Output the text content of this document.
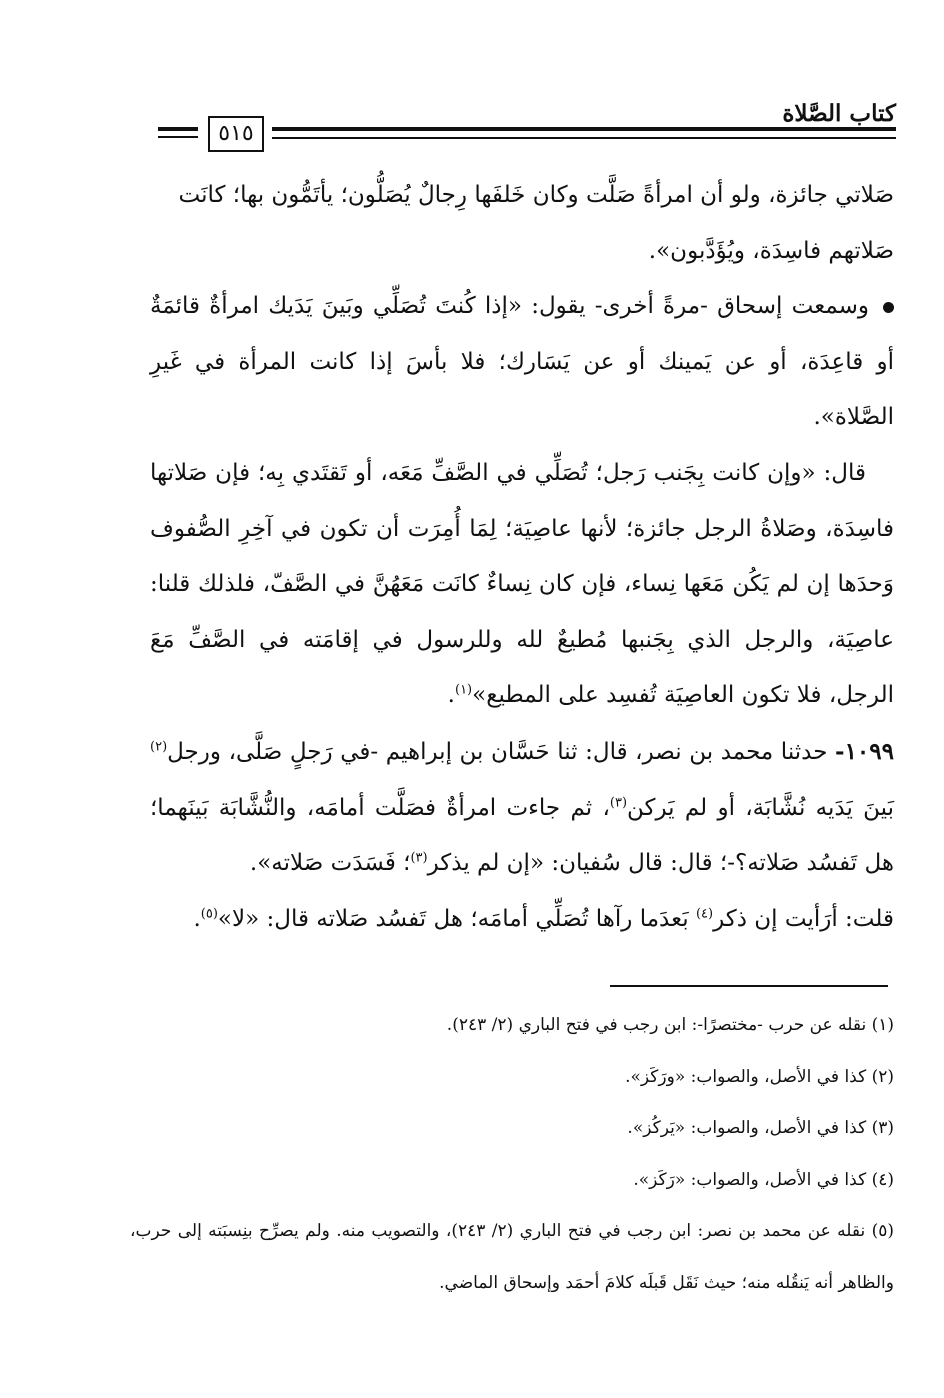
كتاب الصَّلاة
٥١٥

صَلاتي جائزة، ولو أن امرأةً صَلَّت وكان خَلفَها رِجالٌ يُصَلُّون؛ يأتَمُّون بها؛ كانَت

صَلاتهم فاسِدَة، ويُؤَدَّبون».

وسمعت إسحاق -مرةً أخرى- يقول: «إذا كُنتَ تُصَلِّي وبَينَ يَدَيك امرأةٌ قائمَةٌ أو قاعِدَة، أو عن يَمينك أو عن يَسَارك؛ فلا بأسَ إذا كانت المرأة في غَيرِ الصَّلاة».

قال: «وإن كانت بِجَنب رَجل؛ تُصَلِّي في الصَّفِّ مَعَه، أو تَقتَدي بِه؛ فإن صَلاتها فاسِدَة، وصَلاةُ الرجل جائزة؛ لأنها عاصِيَة؛ لِمَا أُمِرَت أن تكون في آخِرِ الصُّفوف وَحدَها إن لم يَكُن مَعَها نِساء، فإن كان نِساءٌ كانَت مَعَهُنَّ في الصَّفّ، فلذلك قلنا: عاصِيَة، والرجل الذي بِجَنبها مُطيعٌ لله وللرسول في إقامَته في الصَّفِّ مَعَ الرجل، فلا تكون العاصِيَة تُفسِد على المطيع»$^{(١)}$.

١٠٩٩- حدثنا محمد بن نصر، قال: ثنا حَسَّان بن إبراهيم -في رَجلٍ صَلَّى، ورجل$^{(٢)}$ بَينَ يَدَيه نُشَّابَة، أو لم يَركن$^{(٣)}$، ثم جاءت امرأةٌ فصَلَّت أمامَه، والنُّشَّابَة بَينَهما؛ هل تَفسُد صَلاته؟-؛ قال: قال سُفيان: «إن لم يذكر$^{(٣)}$؛ فَسَدَت صَلاته».

قلت: أرَأيت إن ذكر$^{(٤)}$ بَعدَما رآها تُصَلِّي أمامَه؛ هل تَفسُد صَلاته قال: «لا»$^{(٥)}$.

(١) نقله عن حرب -مختصرًا-: ابن رجب في فتح الباري (٢/ ٢٤٣).

(٢) كذا في الأصل، والصواب: «ورَكَز».

(٣) كذا في الأصل، والصواب: «يَركُز».

(٤) كذا في الأصل، والصواب: «رَكَز».

(٥) نقله عن محمد بن نصر: ابن رجب في فتح الباري (٢/ ٢٤٣)، والتصويب منه. ولم يصرِّح بنِسبَته إلى حرب، والظاهر أنه يَنقُله منه؛ حيث نَقَل قَبلَه كلامَ أحمَد وإسحاق الماضي.
